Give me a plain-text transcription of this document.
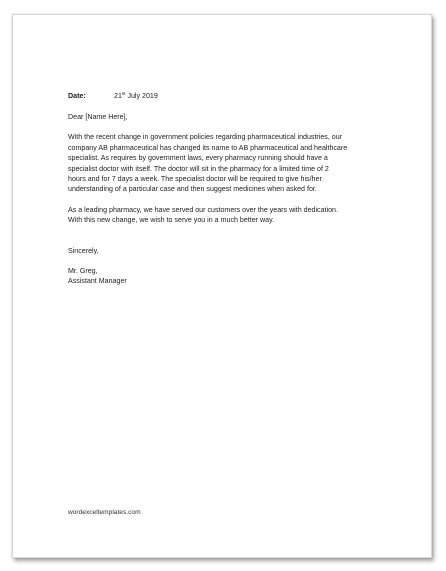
Date:	21st July 2019
Dear [Name Here],
With the recent change in government policies regarding pharmaceutical industries, our
company AB pharmaceutical has changed its name to AB pharmaceutical and healthcare
specialist. As requires by government laws, every pharmacy running should have a
specialist doctor with itself. The doctor will sit in the pharmacy for a limited time of 2
hours and for 7 days a week. The specialist doctor will be required to give his/her
understanding of a particular case and then suggest medicines when asked for.
As a leading pharmacy, we have served our customers over the years with dedication.
With this new change, we wish to serve you in a much better way.
Sincerely,
Mr. Greg,
Assistant Manager
wordexceltemplates.com
